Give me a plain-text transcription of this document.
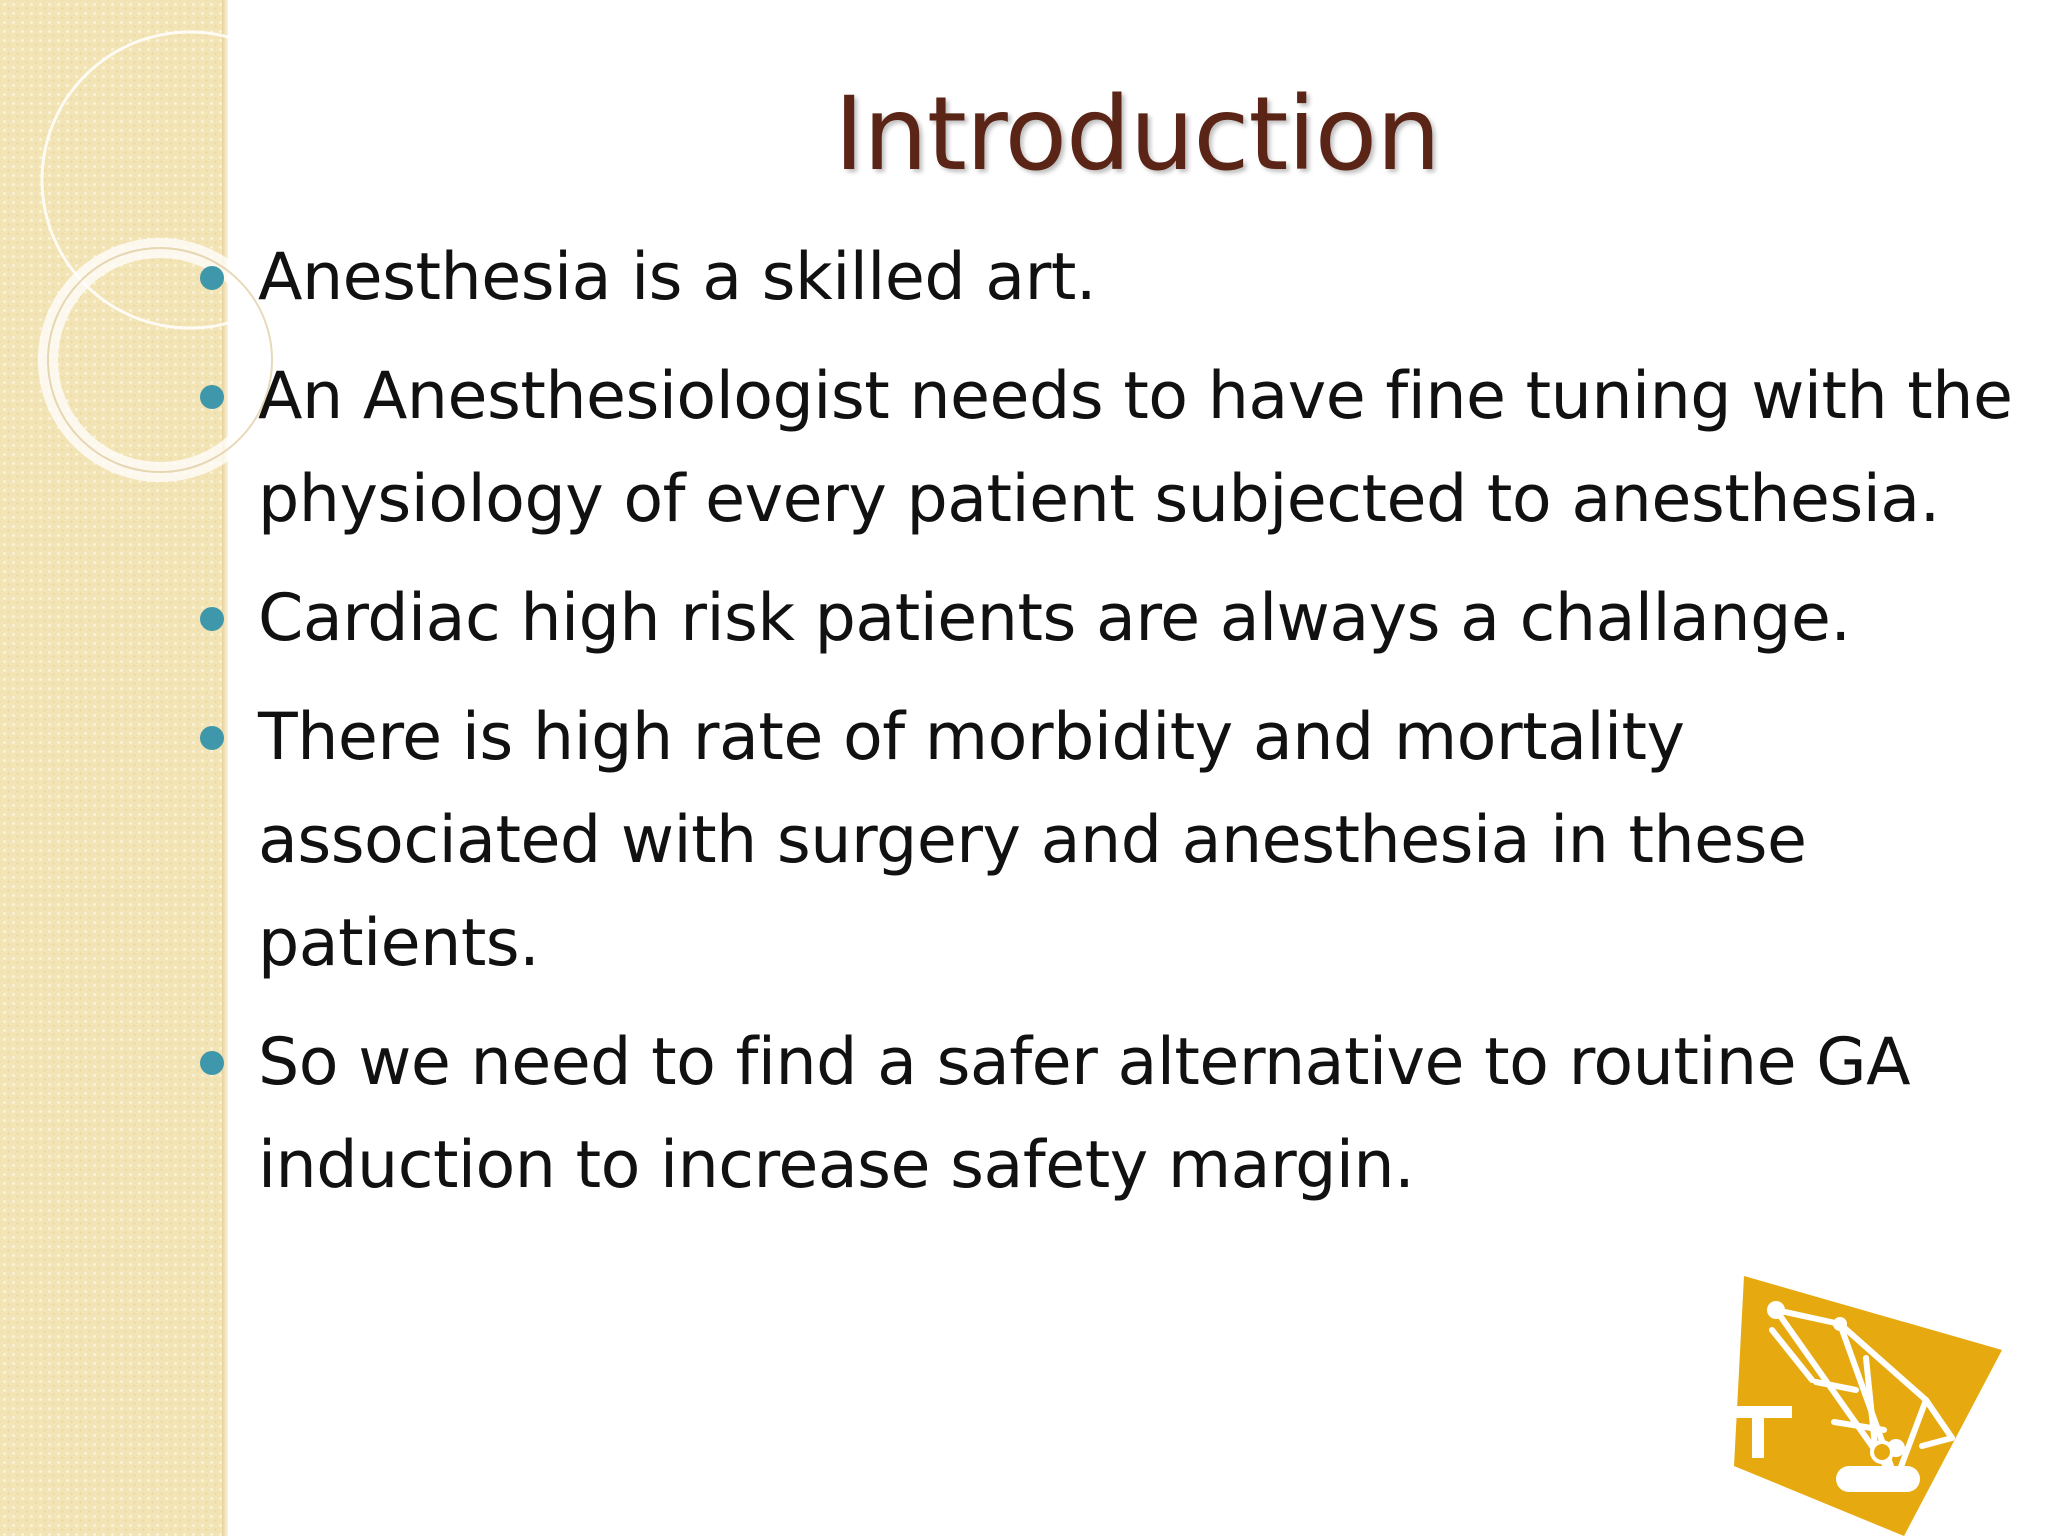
Introduction
Anesthesia is a skilled art.
An Anesthesiologist needs to have fine tuning with the physiology of every patient subjected to anesthesia.
Cardiac high risk patients are always a challange.
There is high rate of morbidity and mortality associated with surgery and anesthesia in these patients.
So we need to find a safer alternative to routine GA induction to increase safety margin.
